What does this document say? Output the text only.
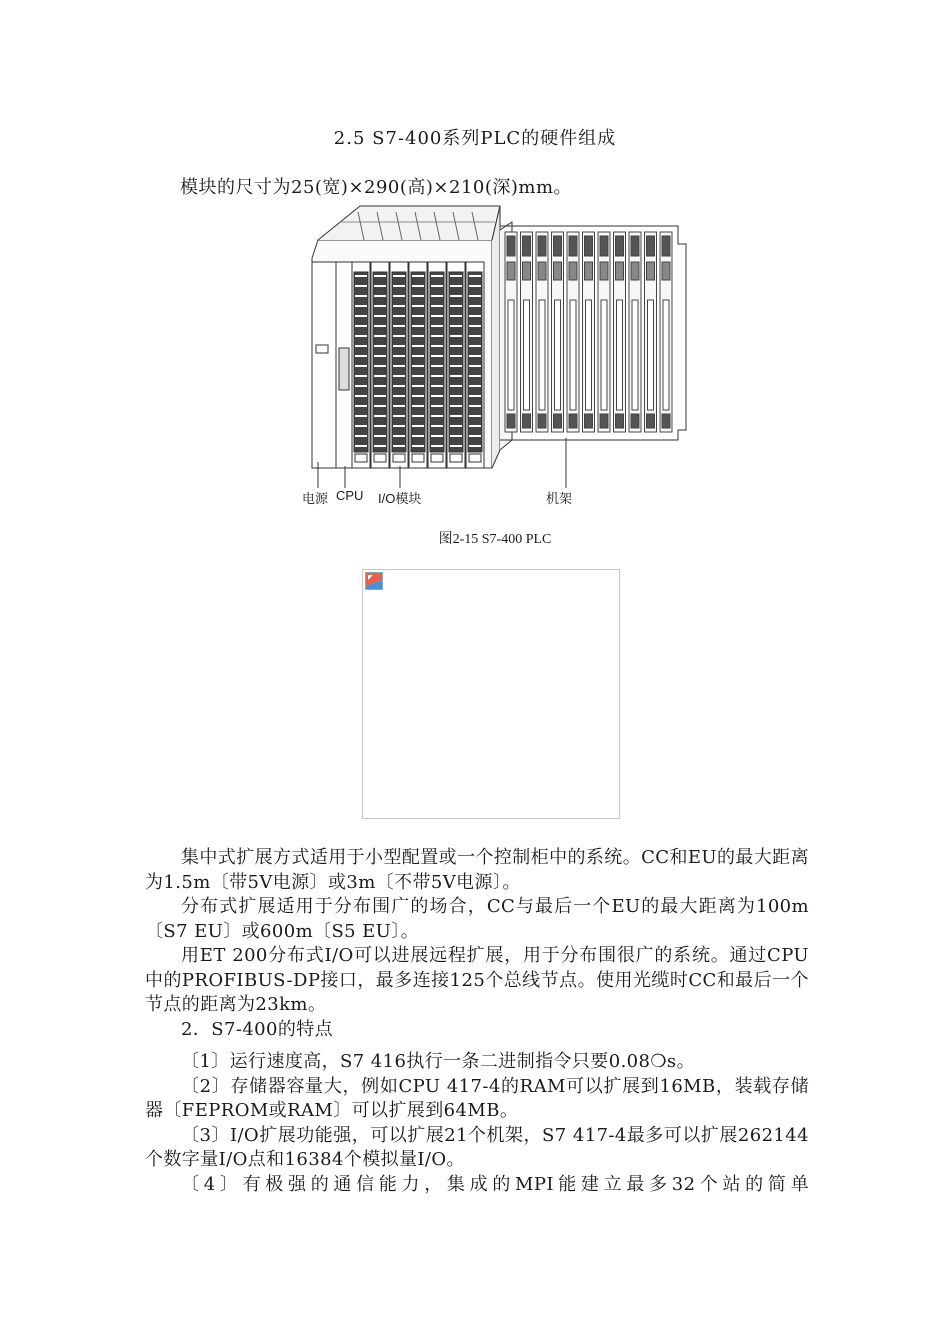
2.5 S7-400系列PLC的硬件组成
模块的尺寸为25(宽)×290(高)×210(深)mm。
电源 CPU I/O模块	机架
图2-15 S7-400 PLC

集中式扩展方式适用于小型配置或一个控制柜中的系统。CC和EU的最大距离为1.5m〔带5V电源〕或3m〔不带5V电源〕。

分布式扩展适用于分布围广的场合，CC与最后一个EU的最大距离为100m〔S7 EU〕或600m〔S5 EU〕。

用ET 200分布式I/O可以进展远程扩展，用于分布围很广的系统。通过CPU中的PROFIBUS-DP接口，最多连接125个总线节点。使用光缆时CC和最后一个节点的距离为23km。

2．S7-400的特点

〔1〕运行速度高，S7 416执行一条二进制指令只要0.08❍s。

〔2〕存储器容量大，例如CPU 417-4的RAM可以扩展到16MB，装载存储器〔FEPROM或RAM〕可以扩展到64MB。

〔3〕I/O扩展功能强，可以扩展21个机架，S7 417-4最多可以扩展262144个数字量I/O点和16384个模拟量I/O。

〔4〕有极强的通信能力，集成的MPI能建立最多32个站的简单
